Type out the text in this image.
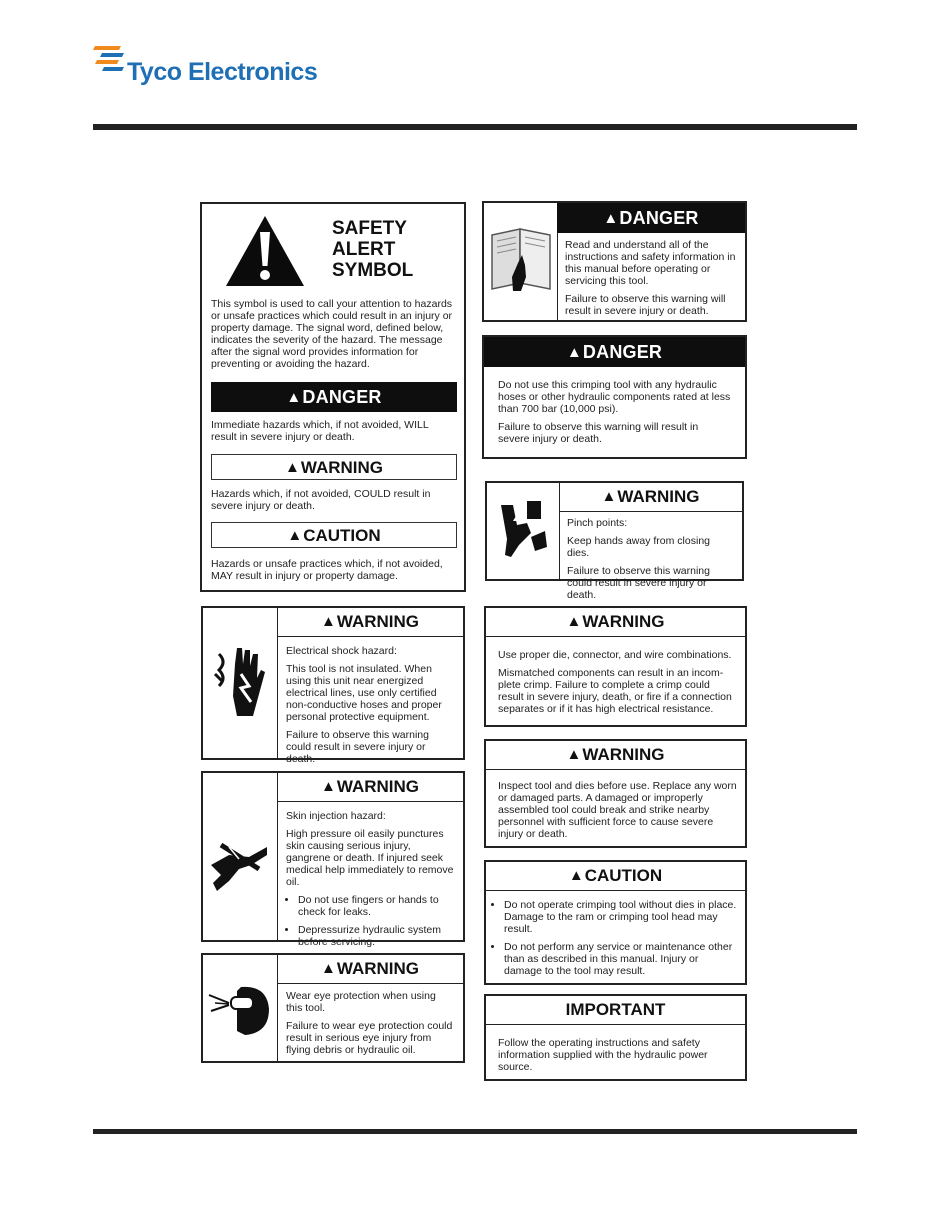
Tyco Electronics
SAFETY
ALERT
SYMBOL
This symbol is used to call your attention to hazards or unsafe practices which could result in an injury or property damage. The signal word, defined below, indicates the severity of the hazard. The message after the signal word provides information for preventing or avoiding the hazard.
▲DANGER
Immediate hazards which, if not avoided, WILL result in severe injury or death.
▲WARNING
Hazards which, if not avoided, COULD result in severe injury or death.
▲CAUTION
Hazards or unsafe practices which, if not avoided, MAY result in injury or property damage.
▲DANGER

Read and understand all of the instructions and safety information in this manual before operating or servicing this tool.

Failure to observe this warning will result in severe injury or death.

▲DANGER

Do not use this crimping tool with any hydraulic hoses or other hydraulic components rated at less than 700 bar (10,000 psi).

Failure to observe this warning will result in severe injury or death.

▲WARNING

Pinch points:

Keep hands away from closing dies.

Failure to observe this warning could result in severe injury or death.

▲WARNING

Electrical shock hazard:

This tool is not insulated. When using this unit near energized electrical lines, use only certified non-conductive hoses and proper personal protective equipment.

Failure to observe this warning could result in severe injury or death.

▲WARNING

Use proper die, connector, and wire combinations.

Mismatched components can result in an incom-plete crimp. Failure to complete a crimp could result in severe injury, death, or fire if a connection separates or if it has high electrical resistance.

▲WARNING

Inspect tool and dies before use. Replace any worn or damaged parts. A damaged or improperly assembled tool could break and strike nearby personnel with sufficient force to cause severe injury or death.

▲WARNING

Skin injection hazard:

High pressure oil easily punctures skin causing serious injury, gangrene or death. If injured seek medical help immediately to remove oil.

• Do not use fingers or hands to check for leaks.
• Depressurize hydraulic system before servicing.
▲CAUTION
• Do not operate crimping tool without dies in place. Damage to the ram or crimping tool head may result.
• Do not perform any service or maintenance other than as described in this manual. Injury or damage to the tool may result.
▲WARNING

Wear eye protection when using this tool.

Failure to wear eye protection could result in serious eye injury from flying debris or hydraulic oil.

IMPORTANT

Follow the operating instructions and safety information supplied with the hydraulic power source.
